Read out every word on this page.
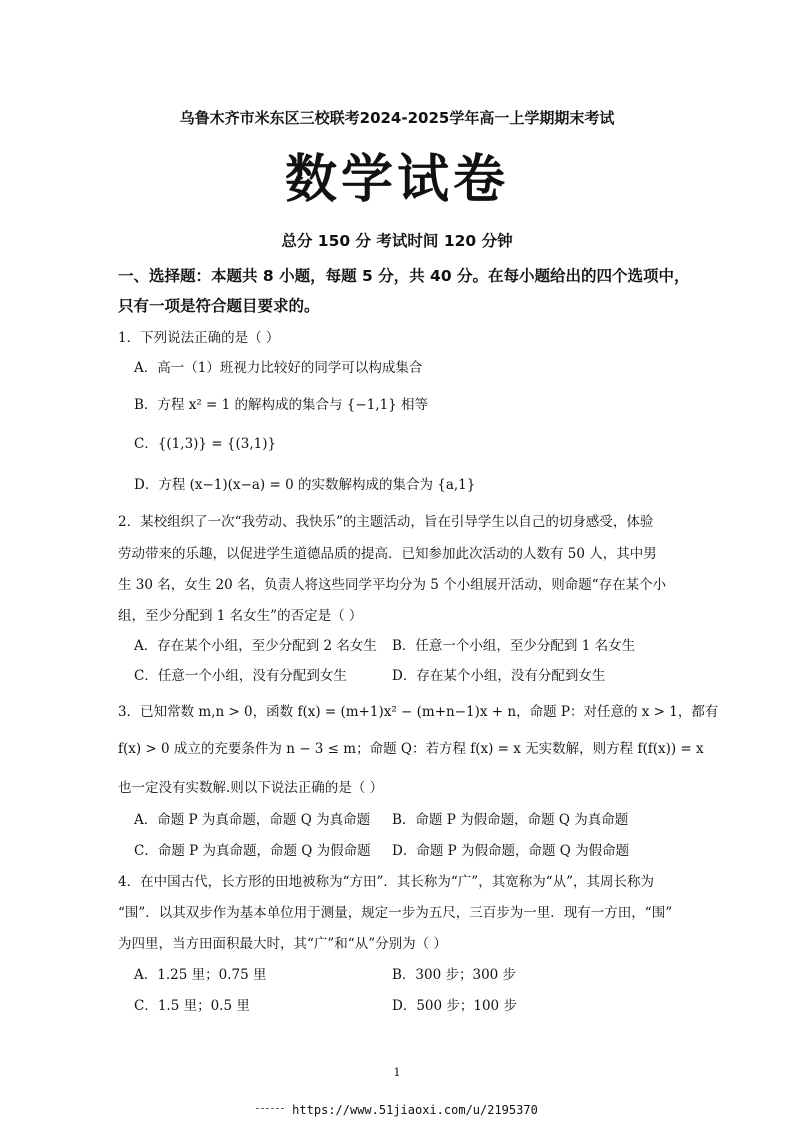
乌鲁木齐市米东区三校联考2024-2025学年高一上学期期末考试
数学试卷
总分 150 分 考试时间 120 分钟
一、选择题：本题共 8 小题，每题 5 分，共 40 分。在每小题给出的四个选项中，
只有一项是符合题目要求的。
1．下列说法正确的是（ ）
A．高一（1）班视力比较好的同学可以构成集合
B．方程 x² = 1 的解构成的集合与 {−1,1} 相等
C．{(1,3)} = {(3,1)}
D．方程 (x−1)(x−a) = 0 的实数解构成的集合为 {a,1}
2．某校组织了一次“我劳动、我快乐”的主题活动，旨在引导学生以自己的切身感受，体验
劳动带来的乐趣，以促进学生道德品质的提高．已知参加此次活动的人数有 50 人，其中男
生 30 名，女生 20 名，负责人将这些同学平均分为 5 个小组展开活动，则命题“存在某个小
组，至少分配到 1 名女生”的否定是（ ）
A．存在某个小组，至少分配到 2 名女生 B．任意一个小组，至少分配到 1 名女生
C．任意一个小组，没有分配到女生	D．存在某个小组，没有分配到女生
3．已知常数 m,n > 0，函数 f(x) = (m+1)x² − (m+n−1)x + n，命题 P：对任意的 x > 1，都有
f(x) > 0 成立的充要条件为 n − 3 ≤ m；命题 Q：若方程 f(x) = x 无实数解，则方程 f(f(x)) = x
也一定没有实数解.则以下说法正确的是（ ）
A．命题 P 为真命题，命题 Q 为真命题 B．命题 P 为假命题，命题 Q 为真命题
C．命题 P 为真命题，命题 Q 为假命题 D．命题 P 为假命题，命题 Q 为假命题
4．在中国古代，长方形的田地被称为“方田”．其长称为“广”，其宽称为“从”，其周长称为
“围”．以其双步作为基本单位用于测量，规定一步为五尺，三百步为一里．现有一方田，“围”
为四里，当方田面积最大时，其“广”和“从”分别为（ ）
A．1.25 里；0.75 里	B．300 步；300 步
C．1.5 里；0.5 里	D．500 步；100 步
1
https://www.51jiaoxi.com/u/2195370
